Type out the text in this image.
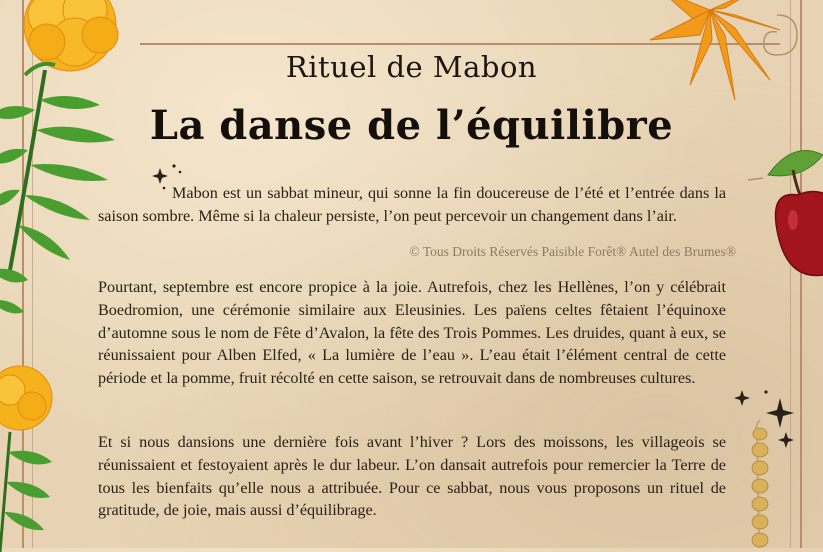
Rituel de Mabon
La danse de l’équilibre
Mabon est un sabbat mineur, qui sonne la fin doucereuse de l’été et l’entrée dans la saison sombre. Même si la chaleur persiste, l’on peut percevoir un changement dans l’air.
© Tous Droits Réservés Paisible Forêt® Autel des Brumes®
Pourtant, septembre est encore propice à la joie. Autrefois, chez les Hellènes, l’on y célébrait Boedromion, une cérémonie similaire aux Eleusinies. Les païens celtes fêtaient l’équinoxe d’automne sous le nom de Fête d’Avalon, la fête des Trois Pommes. Les druides, quant à eux, se réunissaient pour Alben Elfed, « La lumière de l’eau ». L’eau était l’élément central de cette période et la pomme, fruit récolté en cette saison, se retrouvait dans de nombreuses cultures.
Et si nous dansions une dernière fois avant l’hiver ? Lors des moissons, les villageois se réunissaient et festoyaient après le dur labeur. L’on dansait autrefois pour remercier la Terre de tous les bienfaits qu’elle nous a attribuée. Pour ce sabbat, nous vous proposons un rituel de gratitude, de joie, mais aussi d’équilibrage.
